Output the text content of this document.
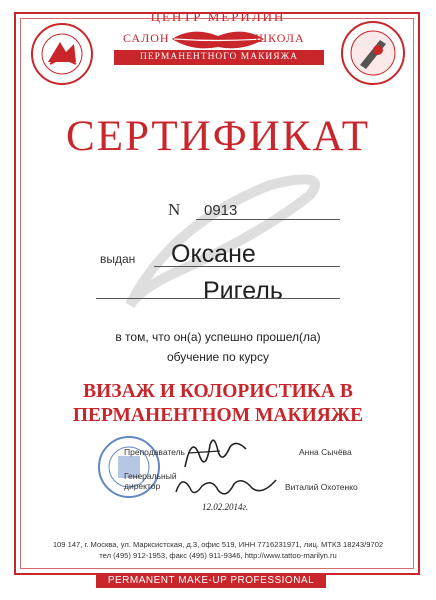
ЦЕНТР МЕРИЛИН
САЛОН	ШКОЛА
ПЕРМАНЕНТНОГО МАКИЯЖА
СЕРТИФИКАТ
N 0913
выдан Оксане
Ригель
в том, что он(а) успешно прошел(ла)
обучение по курсу
ВИЗАЖ И КОЛОРИСТИКА В
ПЕРМАНЕНТНОМ МАКИЯЖЕ
Преподаватель
Генеральный директор
12.02.2014г.
Анна Сычёва
Виталий Охотенко
109 147, г. Москва, ул. Марксистская, д.3, офис 519, ИНН 7716231971, лиц. МТКЗ 18243/9702
тел (495) 912-1953, факс (495) 911-9346, http://www.tattoo-marilyn.ru
PERMANENT MAKE-UP PROFESSIONAL
